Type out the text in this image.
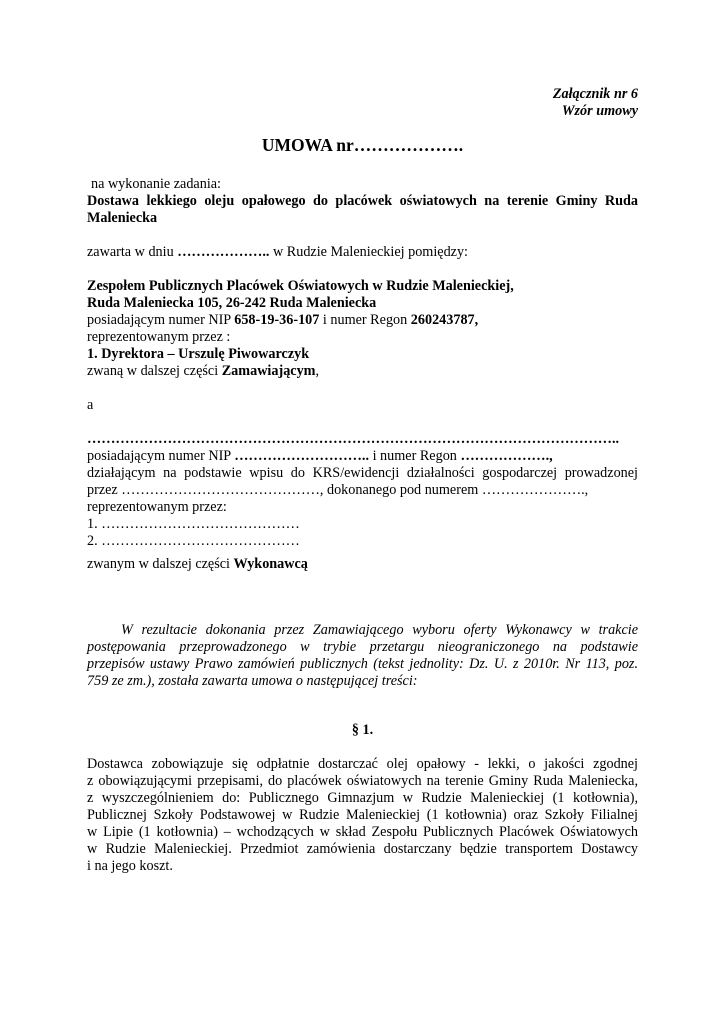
Załącznik nr 6
Wzór umowy
UMOWA nr……………….
na wykonanie zadania:
Dostawa lekkiego oleju opałowego do placówek oświatowych na terenie Gminy Ruda
Maleniecka
zawarta w dniu ……………….. w Rudzie Malenieckiej pomiędzy:
Zespołem Publicznych Placówek Oświatowych w Rudzie Malenieckiej,
Ruda Maleniecka 105, 26-242 Ruda Maleniecka
posiadającym numer NIP 658-19-36-107 i numer Regon 260243787,
reprezentowanym przez :
1. Dyrektora – Urszulę Piwowarczyk
zwaną w dalszej części Zamawiającym,
a
…………………………………………………………………………………………………..
posiadającym numer NIP ……………………….. i numer Regon ……………….,
działającym na podstawie wpisu do KRS/ewidencji działalności gospodarczej prowadzonej
przez ……………………………………, dokonanego pod numerem ………………….,
reprezentowanym przez:
1. ……………………………………
2. ……………………………………
zwanym w dalszej części Wykonawcą
W rezultacie dokonania przez Zamawiającego wyboru oferty Wykonawcy w trakcie
postępowania przeprowadzonego w trybie przetargu nieograniczonego na podstawie
przepisów ustawy Prawo zamówień publicznych (tekst jednolity: Dz. U. z 2010r. Nr 113, poz.
759 ze zm.), została zawarta umowa o następującej treści:
§ 1.
Dostawca zobowiązuje się odpłatnie dostarczać olej opałowy - lekki, o jakości zgodnej
z obowiązującymi przepisami, do placówek oświatowych na terenie Gminy Ruda Maleniecka,
z wyszczególnieniem do: Publicznego Gimnazjum w Rudzie Malenieckiej (1 kotłownia),
Publicznej Szkoły Podstawowej w Rudzie Malenieckiej (1 kotłownia) oraz Szkoły Filialnej
w Lipie (1 kotłownia) – wchodzących w skład Zespołu Publicznych Placówek Oświatowych
w Rudzie Malenieckiej. Przedmiot zamówienia dostarczany będzie transportem Dostawcy
i na jego koszt.
